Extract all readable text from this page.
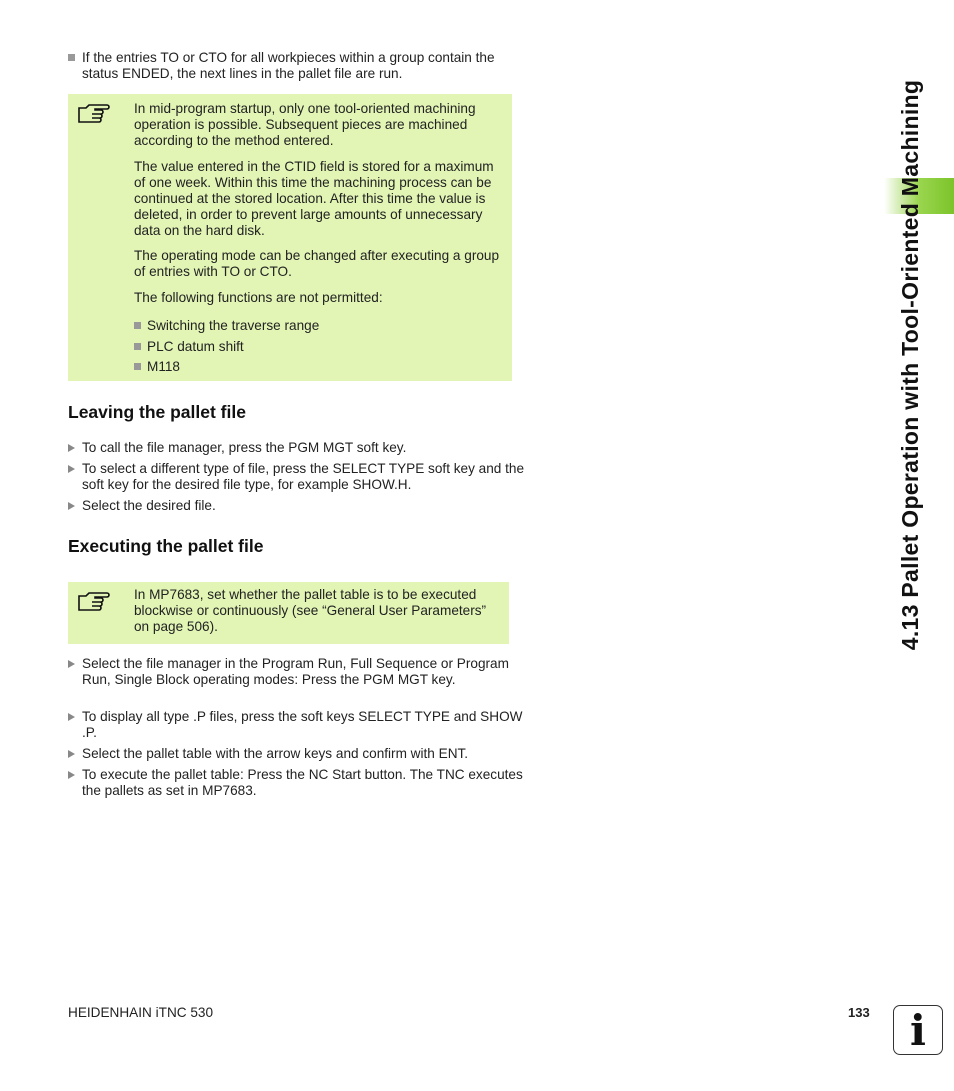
If the entries TO or CTO for all workpieces within a group contain the status ENDED, the next lines in the pallet file are run.

In mid-program startup, only one tool-oriented machining operation is possible. Subsequent pieces are machined according to the method entered.

The value entered in the CTID field is stored for a maximum of one week. Within this time the machining process can be continued at the stored location. After this time the value is deleted, in order to prevent large amounts of unnecessary data on the hard disk.

The operating mode can be changed after executing a group of entries with TO or CTO.

The following functions are not permitted:

Switching the traverse range
PLC datum shift
M118
Leaving the pallet file
To call the file manager, press the PGM MGT soft key.
To select a different type of file, press the SELECT TYPE soft key and the soft key for the desired file type, for example SHOW.H.
Select the desired file.
Executing the pallet file

In MP7683, set whether the pallet table is to be executed blockwise or continuously (see “General User Parameters” on page 506).

Select the file manager in the Program Run, Full Sequence or Program Run, Single Block operating modes: Press the PGM MGT key.
To display all type .P files, press the soft keys SELECT TYPE and SHOW .P.
Select the pallet table with the arrow keys and confirm with ENT.
To execute the pallet table: Press the NC Start button. The TNC executes the pallets as set in MP7683.
4.13 Pallet Operation with Tool-Oriented Machining
HEIDENHAIN iTNC 530	133 i
